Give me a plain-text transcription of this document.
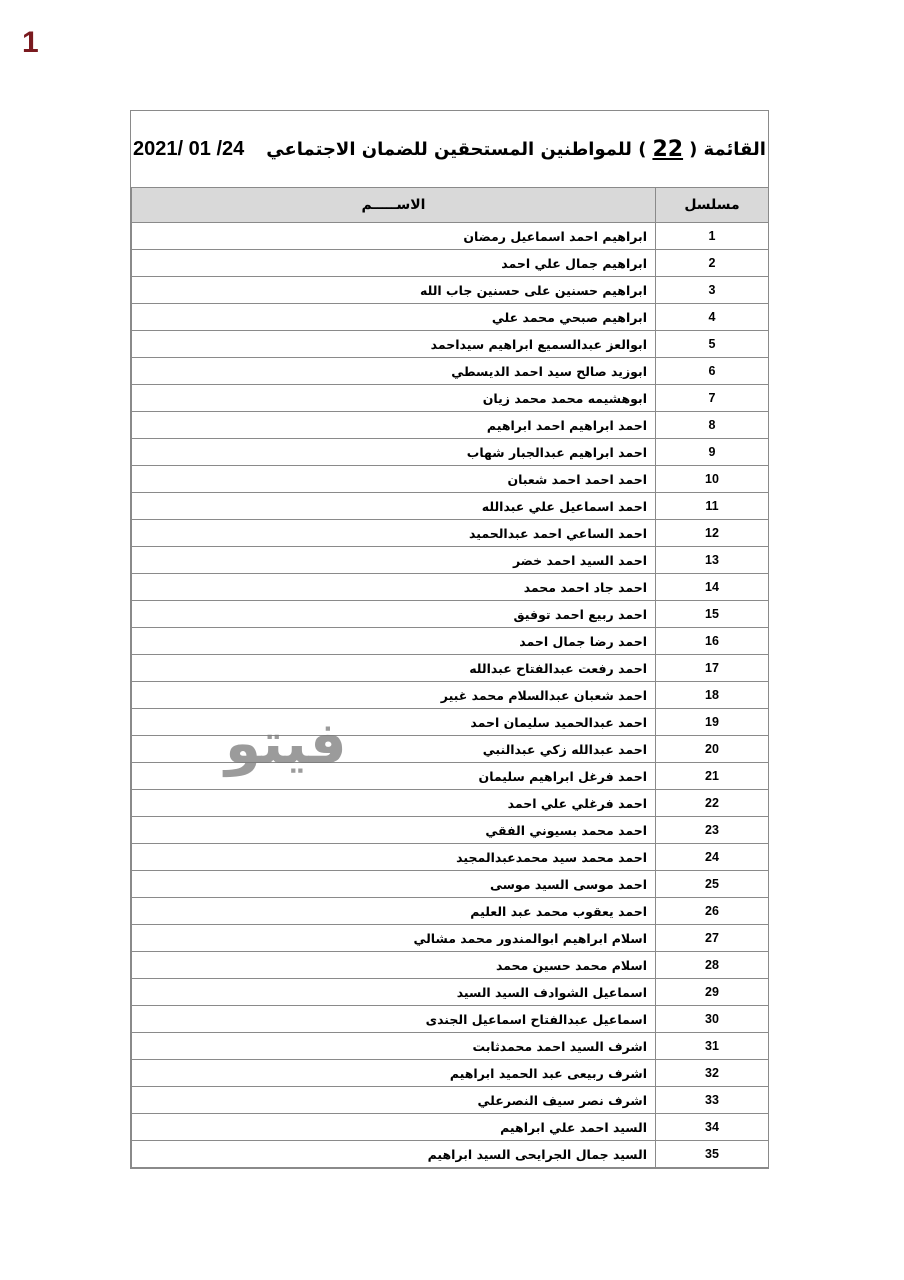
1
القائمة (
22
) للمواطنين المستحقين للضمان الاجتماعي
2021/ 01 /24
الاســـــم	مسلسل
ابراهيم احمد اسماعيل رمضان	1
ابراهيم جمال علي احمد	2
ابراهيم حسنين على حسنين جاب الله	3
ابراهيم صبحي محمد علي	4
ابوالعز عبدالسميع ابراهيم سيداحمد	5
ابوزيد صالح سيد احمد الديسطي	6
ابوهشيمه محمد محمد زيان	7
احمد ابراهيم احمد ابراهيم	8
احمد ابراهيم عبدالجبار شهاب	9
احمد احمد احمد شعبان	10
احمد اسماعيل علي عبدالله	11
احمد الساعي احمد عبدالحميد	12
احمد السيد احمد خضر	13
احمد جاد احمد محمد	14
احمد ربيع احمد توفيق	15
احمد رضا جمال احمد	16
احمد رفعت عبدالفتاح عبدالله	17
احمد شعبان عبدالسلام محمد غبير	18
احمد عبدالحميد سليمان احمد	19
احمد عبدالله زكي عبدالنبي	20
احمد فرغل ابراهيم سليمان	21
احمد فرغلي علي احمد	22
احمد محمد بسيوني الفقي	23
احمد محمد سيد محمدعبدالمجيد	24
احمد موسى السيد موسى	25
احمد يعقوب محمد عبد العليم	26
اسلام ابراهيم ابوالمندور محمد مشالي	27
اسلام محمد حسين محمد	28
اسماعيل الشوادف السيد السيد	29
اسماعيل عبدالفتاح اسماعيل الجندى	30
اشرف السيد احمد محمدثابت	31
اشرف ربيعى عبد الحميد ابراهيم	32
اشرف نصر سيف النصرعلي	33
السيد احمد علي ابراهيم	34
السيد جمال الجرايحى السيد ابراهيم	35
فيتو
